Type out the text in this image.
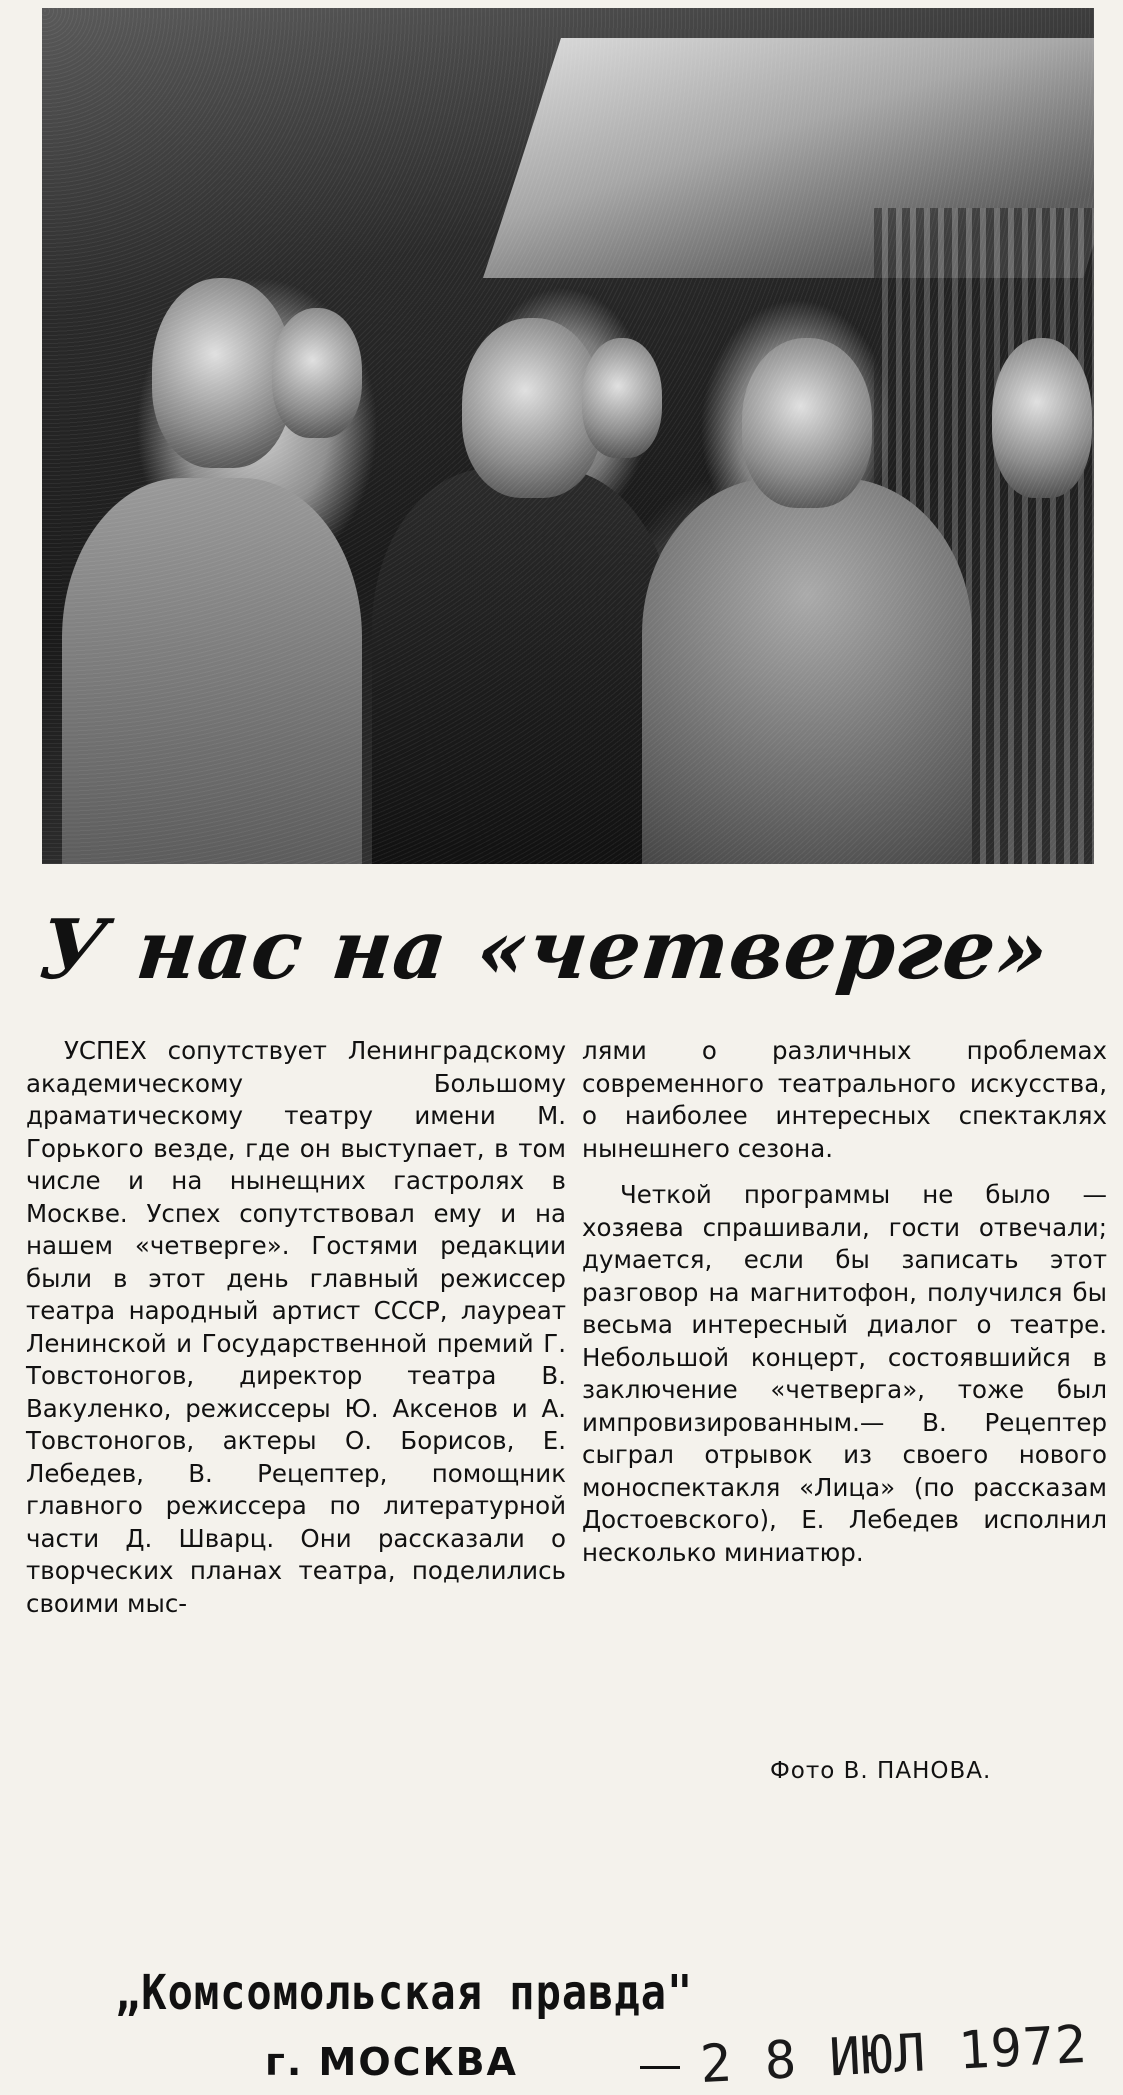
У нас на «четверге»

УСПЕХ сопутствует Ленинградскому академическому Большому драматическому театру имени М. Горького везде, где он выступает, в том числе и на нынещних гастролях в Москве. Успех сопутствовал ему и на нашем «четверге». Гостями редакции были в этот день главный режиссер театра народный артист СССР, лауреат Ленинской и Государственной премий Г. Товстоногов, директор театра В. Вакуленко, режиссеры Ю. Аксенов и А. Товстоногов, актеры О. Борисов, Е. Лебедев, В. Рецептер, помощник главного режиссера по литературной части Д. Шварц. Они рассказали о творческих планах театра, поделились своими мыс-

лями о различных проблемах современного театрального искусства, о наиболее интересных спектаклях нынешнего сезона.

Четкой программы не было — хозяева спрашивали, гости отвечали; думается, если бы записать этот разговор на магнитофон, получился бы весьма интересный диалог о театре. Небольшой концерт, состоявшийся в заключение «четверга», тоже был импровизированным.— В. Рецептер сыграл отрывок из своего нового моноспектакля «Лица» (по рассказам Достоевского), Е. Лебедев исполнил несколько миниатюр.

Фото В. ПАНОВА.
„Комсомольская правда"
г. МОСКВА	2 8 ИЮЛ 1972
